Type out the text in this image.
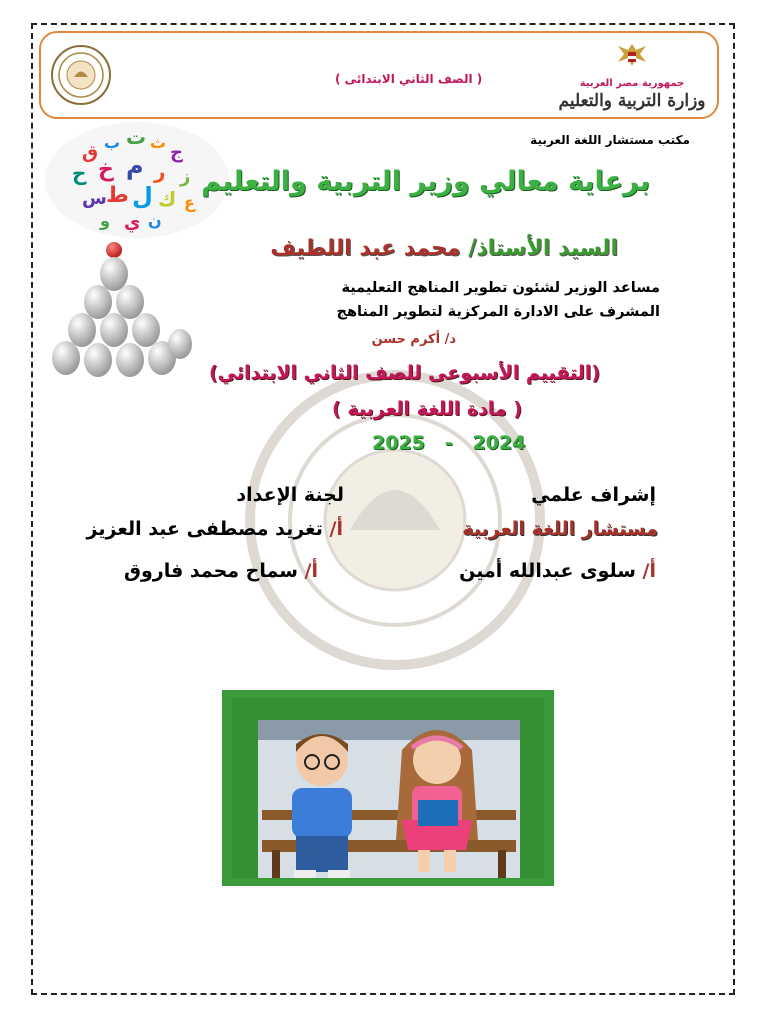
( الصف الثاني الابتدائى )	جمهورية مصر العربية
وزارة التربية والتعليم
مكتب مستشار اللغة العربية
ق ب ت ث ج
ح خ م ر ز
س ط ل ك ع
و ي ن
برعاية معالي وزير التربية والتعليم
السيد الأستاذ/ محمد عبد اللطيف
مساعد الوزير لشئون تطوير المناهج التعليمية
المشرف على الادارة المركزية لتطوير المناهج
د/ أكرم حسن
(التقييم الأسبوعى للصف الثاني الابتدائي)
( مادة اللغة العربية )
2025   -   2024
إشراف علمي
لجنة الإعداد
مستشار اللغة العربية
أ/ تغريد مصطفى عبد العزيز
أ/ سلوى عبدالله أمين
أ/ سماح محمد فاروق
